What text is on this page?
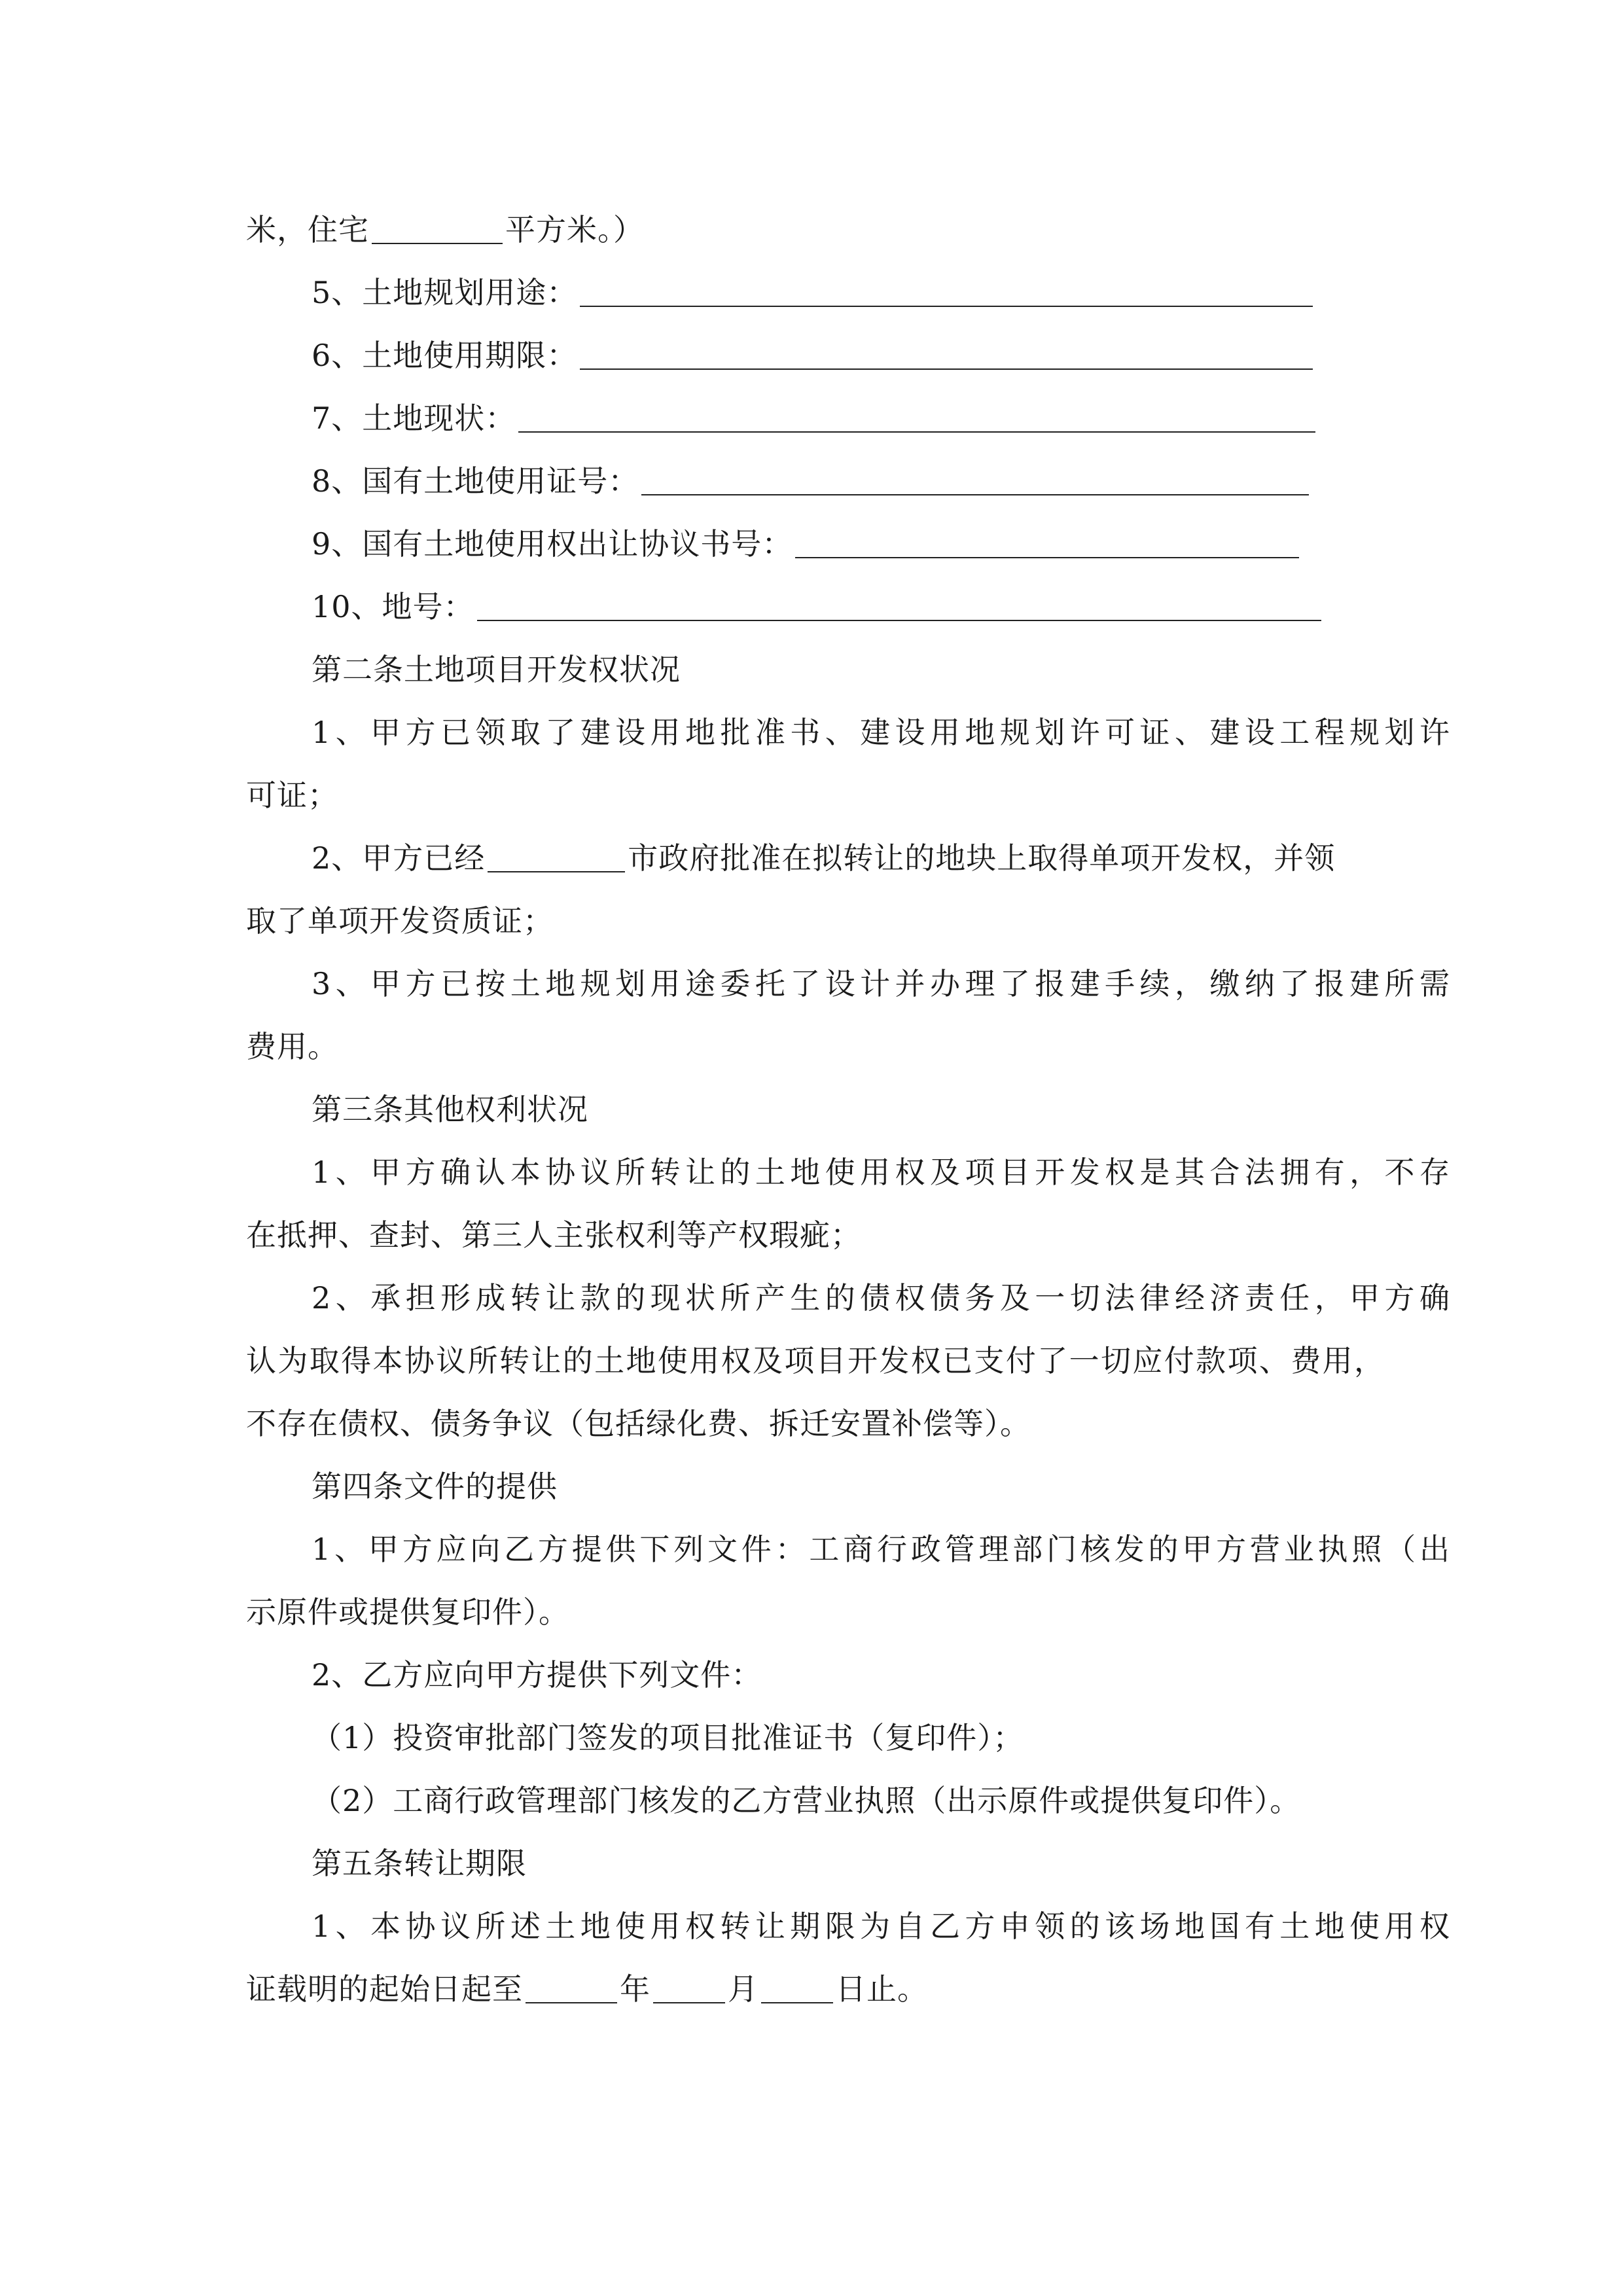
米，住宅	平方米。）
5、土地规划用途：
6、土地使用期限：
7、土地现状：
8、国有土地使用证号：
9、国有土地使用权出让协议书号：
10、地号：
第二条土地项目开发权状况
1、甲方已领取了建设用地批准书、建设用地规划许可证、建设工程规划许
可证；
2、甲方已经	市政府批准在拟转让的地块上取得单项开发权，并领
取了单项开发资质证；
3、甲方已按土地规划用途委托了设计并办理了报建手续，缴纳了报建所需
费用。
第三条其他权利状况
1、甲方确认本协议所转让的土地使用权及项目开发权是其合法拥有，不存
在抵押、查封、第三人主张权利等产权瑕疵；
2、承担形成转让款的现状所产生的债权债务及一切法律经济责任，甲方确
认为取得本协议所转让的土地使用权及项目开发权已支付了一切应付款项、费用，
不存在债权、债务争议（包括绿化费、拆迁安置补偿等）。
第四条文件的提供
1、甲方应向乙方提供下列文件：工商行政管理部门核发的甲方营业执照（出
示原件或提供复印件）。
2、乙方应向甲方提供下列文件：
（1）投资审批部门签发的项目批准证书（复印件）；
（2）工商行政管理部门核发的乙方营业执照（出示原件或提供复印件）。
第五条转让期限
1、本协议所述土地使用权转让期限为自乙方申领的该场地国有土地使用权
证载明的起始日起至	年	月	日止。
